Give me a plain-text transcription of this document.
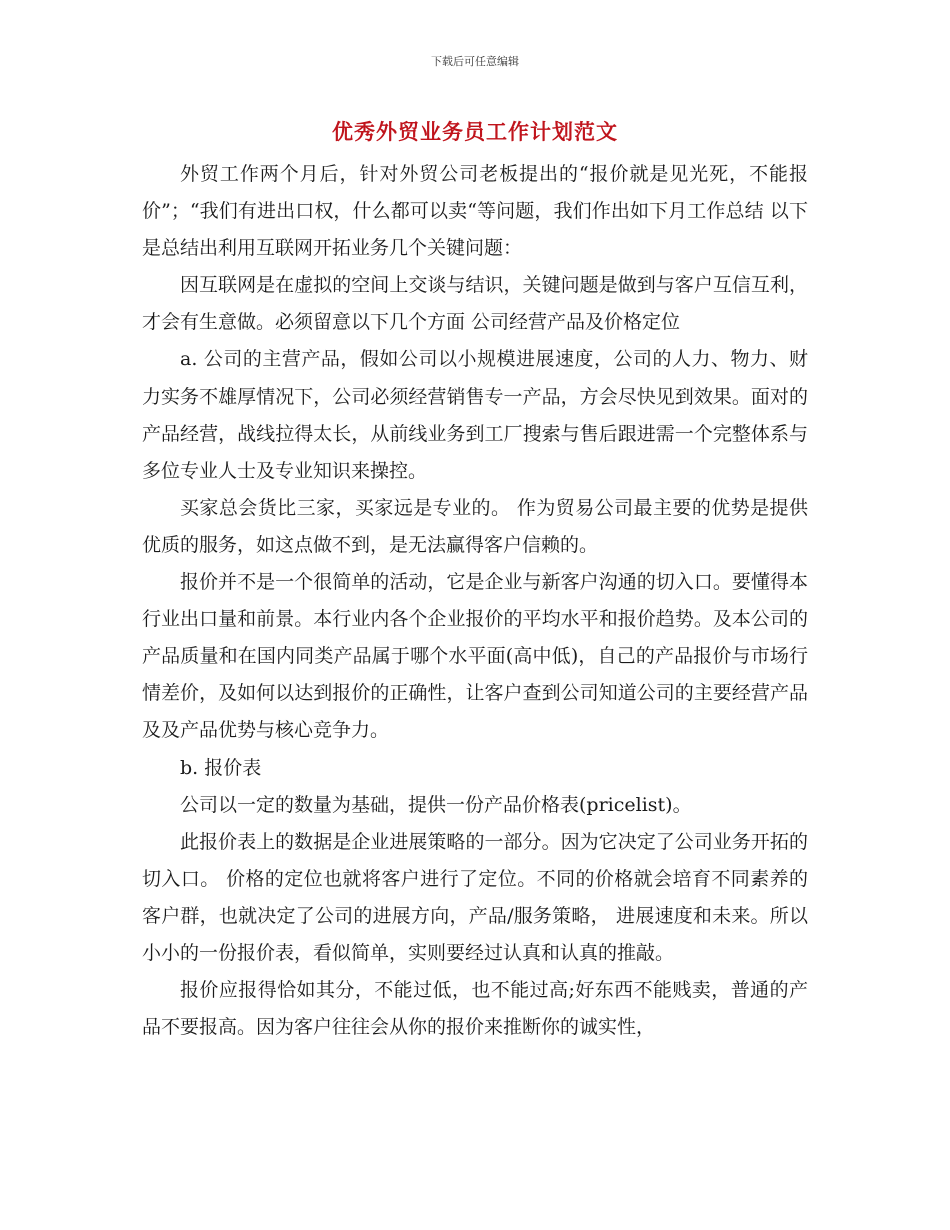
下载后可任意编辑
优秀外贸业务员工作计划范文

外贸工作两个月后，针对外贸公司老板提出的“报价就是见光死，不能报价”；“我们有进出口权，什么都可以卖“等问题，我们作出如下月工作总结 以下是总结出利用互联网开拓业务几个关键问题：

因互联网是在虚拟的空间上交谈与结识，关键问题是做到与客户互信互利，才会有生意做。必须留意以下几个方面 公司经营产品及价格定位

a. 公司的主营产品，假如公司以小规模进展速度，公司的人力、物力、财力实务不雄厚情况下，公司必须经营销售专一产品，方会尽快见到效果。面对的产品经营，战线拉得太长，从前线业务到工厂搜索与售后跟进需一个完整体系与多位专业人士及专业知识来操控。

买家总会货比三家，买家远是专业的。 作为贸易公司最主要的优势是提供优质的服务，如这点做不到，是无法赢得客户信赖的。

报价并不是一个很简单的活动，它是企业与新客户沟通的切入口。要懂得本行业出口量和前景。本行业内各个企业报价的平均水平和报价趋势。及本公司的产品质量和在国内同类产品属于哪个水平面(高中低)，自己的产品报价与市场行情差价，及如何以达到报价的正确性，让客户查到公司知道公司的主要经营产品及及产品优势与核心竞争力。

b. 报价表

公司以一定的数量为基础，提供一份产品价格表(pricelist)。

此报价表上的数据是企业进展策略的一部分。因为它决定了公司业务开拓的切入口。 价格的定位也就将客户进行了定位。不同的价格就会培育不同素养的客户群，也就决定了公司的进展方向，产品/服务策略， 进展速度和未来。所以小小的一份报价表，看似简单，实则要经过认真和认真的推敲。

报价应报得恰如其分，不能过低，也不能过高;好东西不能贱卖，普通的产品不要报高。因为客户往往会从你的报价来推断你的诚实性，
